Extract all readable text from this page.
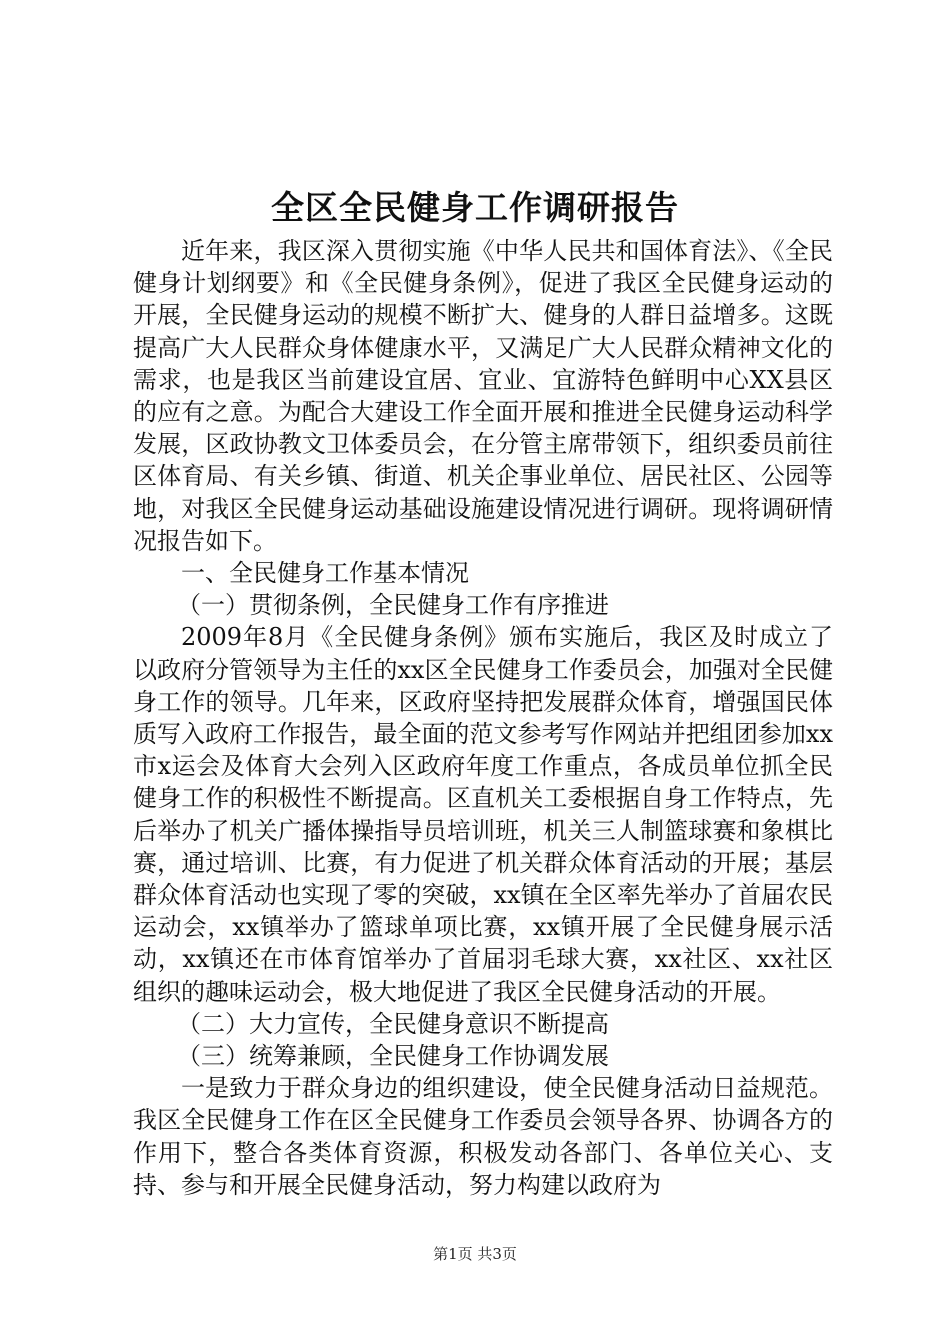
全区全民健身工作调研报告

近年来，我区深入贯彻实施《中华人民共和国体育法》、《全民健身计划纲要》和《全民健身条例》，促进了我区全民健身运动的开展，全民健身运动的规模不断扩大、健身的人群日益增多。这既提高广大人民群众身体健康水平，又满足广大人民群众精神文化的需求，也是我区当前建设宜居、宜业、宜游特色鲜明中心XX县区的应有之意。为配合大建设工作全面开展和推进全民健身运动科学发展，区政协教文卫体委员会，在分管主席带领下，组织委员前往区体育局、有关乡镇、街道、机关企事业单位、居民社区、公园等地，对我区全民健身运动基础设施建设情况进行调研。现将调研情况报告如下。

一、全民健身工作基本情况

（一）贯彻条例，全民健身工作有序推进

2009年8月《全民健身条例》颁布实施后，我区及时成立了以政府分管领导为主任的xx区全民健身工作委员会，加强对全民健身工作的领导。几年来，区政府坚持把发展群众体育，增强国民体质写入政府工作报告，最全面的范文参考写作网站并把组团参加xx市x运会及体育大会列入区政府年度工作重点，各成员单位抓全民健身工作的积极性不断提高。区直机关工委根据自身工作特点，先后举办了机关广播体操指导员培训班，机关三人制篮球赛和象棋比赛，通过培训、比赛，有力促进了机关群众体育活动的开展；基层群众体育活动也实现了零的突破，xx镇在全区率先举办了首届农民运动会，xx镇举办了篮球单项比赛，xx镇开展了全民健身展示活动，xx镇还在市体育馆举办了首届羽毛球大赛，xx社区、xx社区组织的趣味运动会，极大地促进了我区全民健身活动的开展。

（二）大力宣传，全民健身意识不断提高

（三）统筹兼顾，全民健身工作协调发展

一是致力于群众身边的组织建设，使全民健身活动日益规范。我区全民健身工作在区全民健身工作委员会领导各界、协调各方的作用下，整合各类体育资源，积极发动各部门、各单位关心、支持、参与和开展全民健身活动，努力构建以政府为

第1页 共3页
